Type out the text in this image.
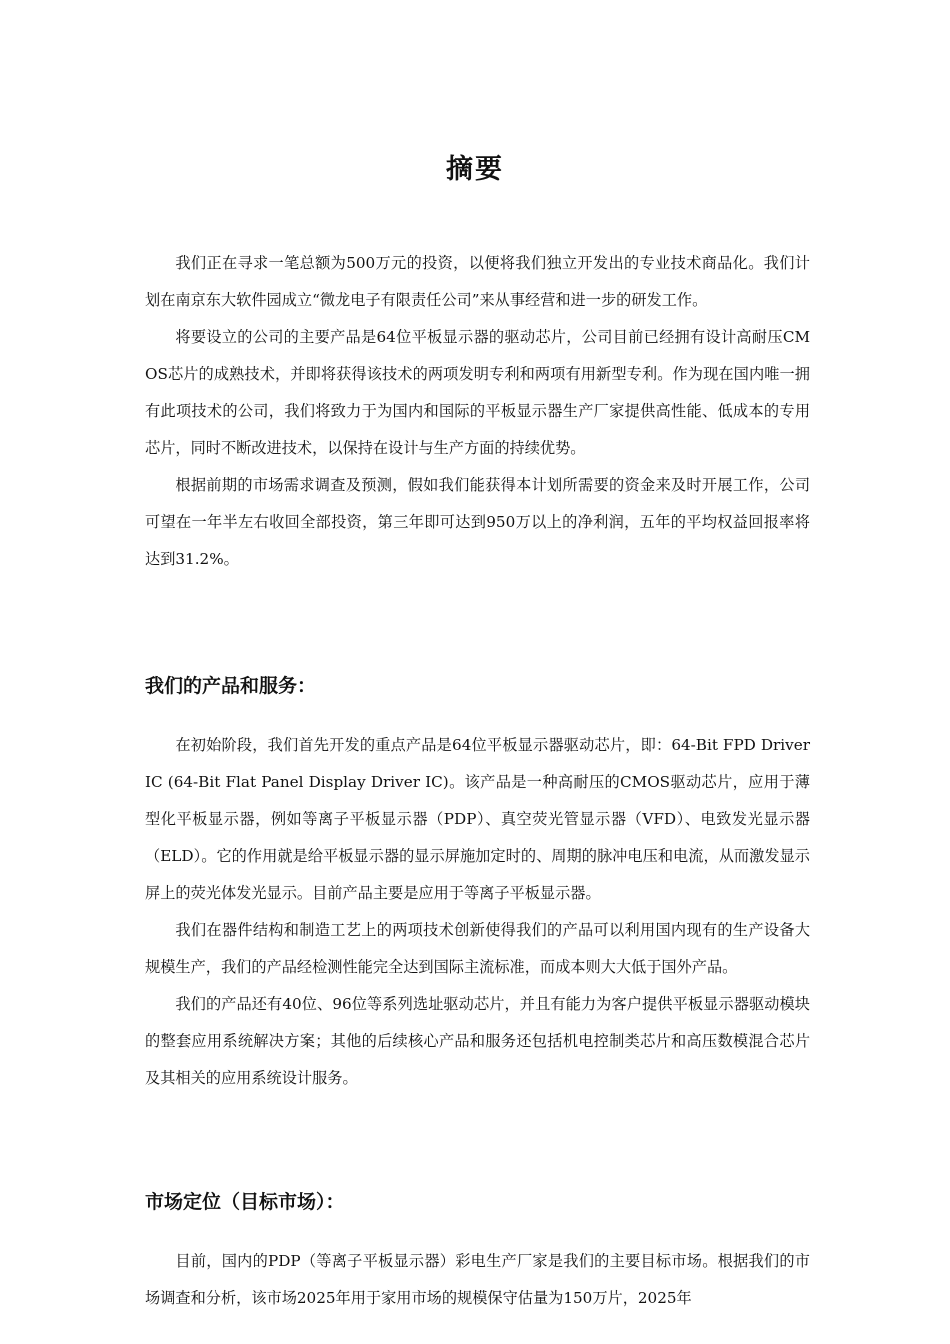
摘要

我们正在寻求一笔总额为500万元的投资，以便将我们独立开发出的专业技术商品化。我们计划在南京东大软件园成立“微龙电子有限责任公司”来从事经营和进一步的研发工作。

将要设立的公司的主要产品是64位平板显示器的驱动芯片，公司目前已经拥有设计高耐压CMOS芯片的成熟技术，并即将获得该技术的两项发明专利和两项有用新型专利。作为现在国内唯一拥有此项技术的公司，我们将致力于为国内和国际的平板显示器生产厂家提供高性能、低成本的专用芯片，同时不断改进技术，以保持在设计与生产方面的持续优势。

根据前期的市场需求调查及预测，假如我们能获得本计划所需要的资金来及时开展工作，公司可望在一年半左右收回全部投资，第三年即可达到950万以上的净利润，五年的平均权益回报率将达到31.2%。

我们的产品和服务：

在初始阶段，我们首先开发的重点产品是64位平板显示器驱动芯片，即：64-Bit FPD Driver IC (64-Bit Flat Panel Display Driver IC)。该产品是一种高耐压的CMOS驱动芯片，应用于薄型化平板显示器，例如等离子平板显示器（PDP）、真空荧光管显示器（VFD）、电致发光显示器（ELD）。它的作用就是给平板显示器的显示屏施加定时的、周期的脉冲电压和电流，从而激发显示屏上的荧光体发光显示。目前产品主要是应用于等离子平板显示器。

我们在器件结构和制造工艺上的两项技术创新使得我们的产品可以利用国内现有的生产设备大规模生产，我们的产品经检测性能完全达到国际主流标准，而成本则大大低于国外产品。

我们的产品还有40位、96位等系列选址驱动芯片，并且有能力为客户提供平板显示器驱动模块的整套应用系统解决方案；其他的后续核心产品和服务还包括机电控制类芯片和高压数模混合芯片及其相关的应用系统设计服务。

市场定位（目标市场）：

目前，国内的PDP（等离子平板显示器）彩电生产厂家是我们的主要目标市场。根据我们的市场调查和分析，该市场2025年用于家用市场的规模保守估量为150万片，2025年
